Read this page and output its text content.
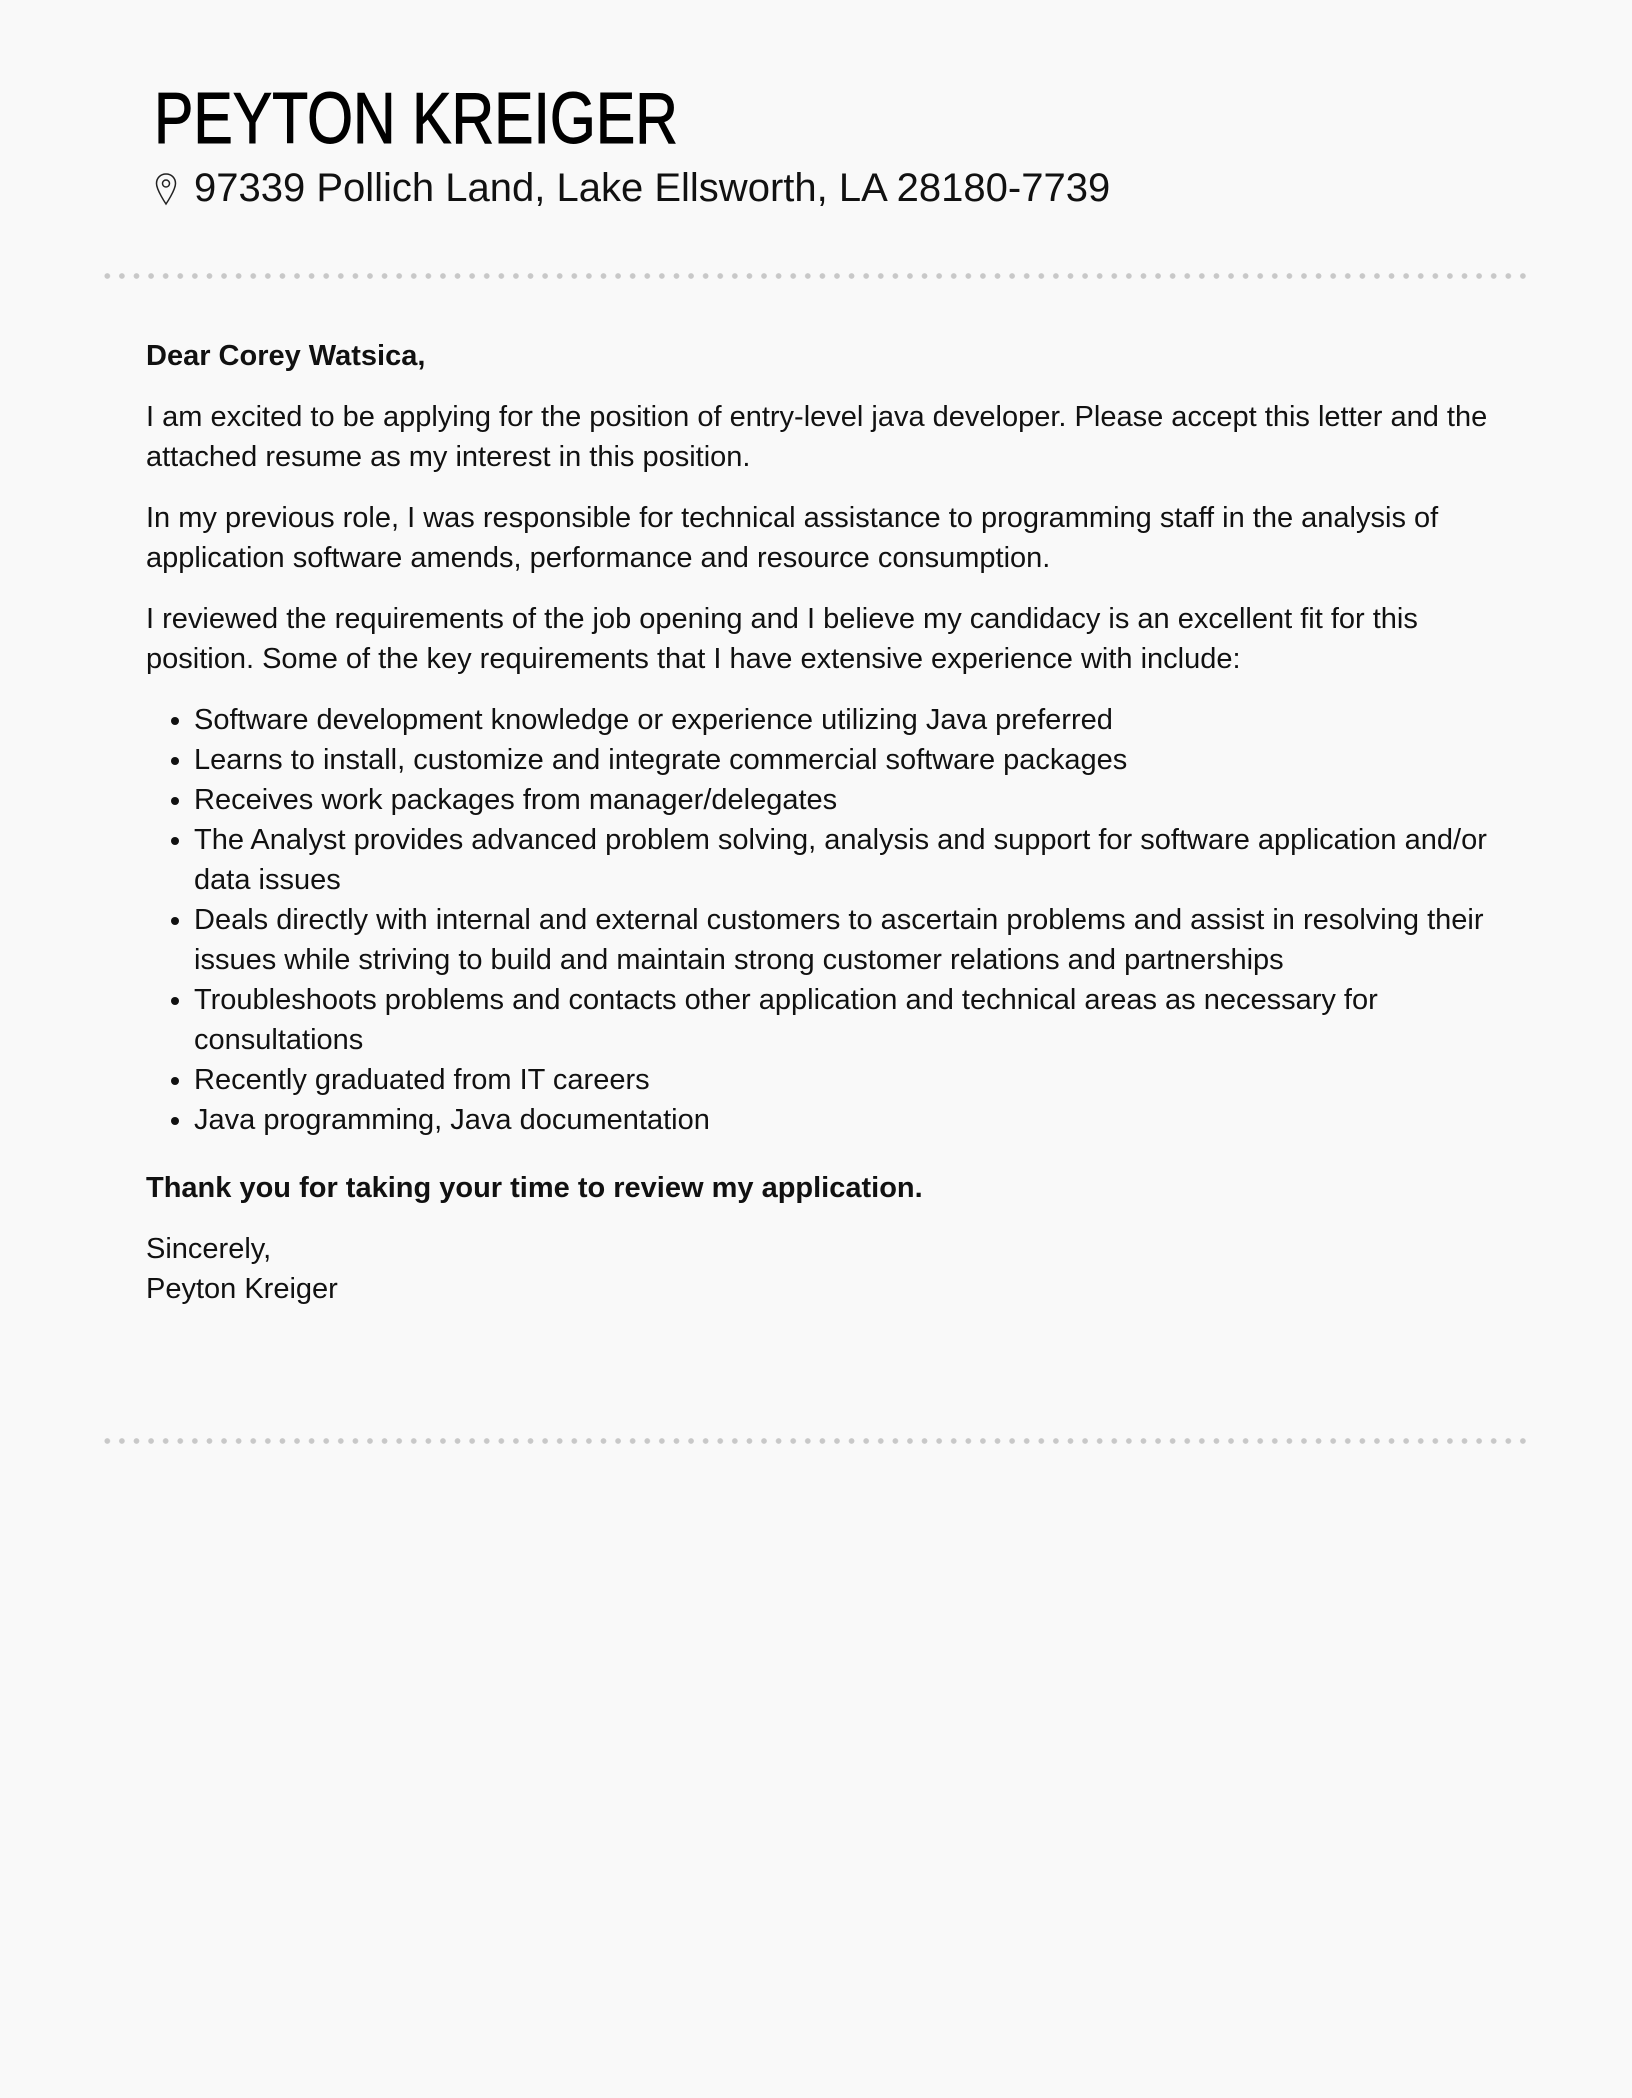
PEYTON KREIGER
97339 Pollich Land, Lake Ellsworth, LA 28180-7739

Dear Corey Watsica,

I am excited to be applying for the position of entry-level java developer. Please accept this letter and the attached resume as my interest in this position.

In my previous role, I was responsible for technical assistance to programming staff in the analysis of application software amends, performance and resource consumption.

I reviewed the requirements of the job opening and I believe my candidacy is an excellent fit for this position. Some of the key requirements that I have extensive experience with include:

• Software development knowledge or experience utilizing Java preferred
• Learns to install, customize and integrate commercial software packages
• Receives work packages from manager/delegates
• The Analyst provides advanced problem solving, analysis and support for software application and/or data issues
• Deals directly with internal and external customers to ascertain problems and assist in resolving their issues while striving to build and maintain strong customer relations and partnerships
• Troubleshoots problems and contacts other application and technical areas as necessary for consultations
• Recently graduated from IT careers
• Java programming, Java documentation

Thank you for taking your time to review my application.

Sincerely,

Peyton Kreiger
